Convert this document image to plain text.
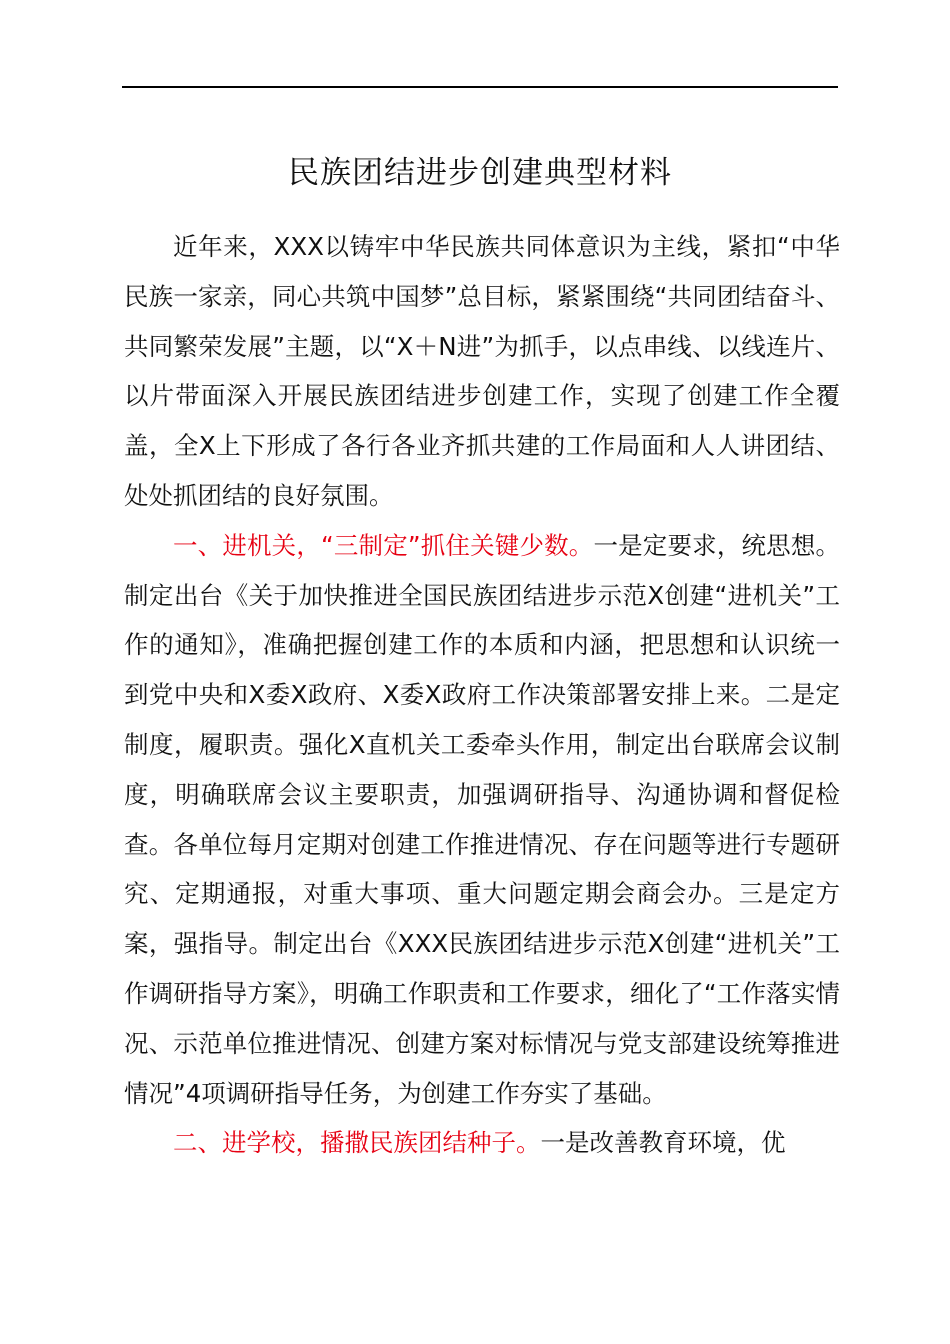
民族团结进步创建典型材料

近年来，XXX以铸牢中华民族共同体意识为主线，紧扣“中华民族一家亲，同心共筑中国梦”总目标，紧紧围绕“共同团结奋斗、共同繁荣发展”主题，以“X＋N进”为抓手，以点串线、以线连片、以片带面深入开展民族团结进步创建工作，实现了创建工作全覆盖，全X上下形成了各行各业齐抓共建的工作局面和人人讲团结、处处抓团结的良好氛围。

一、进机关，“三制定”抓住关键少数。一是定要求，统思想。制定出台《关于加快推进全国民族团结进步示范X创建“进机关”工作的通知》，准确把握创建工作的本质和内涵，把思想和认识统一到党中央和X委X政府、X委X政府工作决策部署安排上来。二是定制度，履职责。强化X直机关工委牵头作用，制定出台联席会议制度，明确联席会议主要职责，加强调研指导、沟通协调和督促检查。各单位每月定期对创建工作推进情况、存在问题等进行专题研究、定期通报，对重大事项、重大问题定期会商会办。三是定方案，强指导。制定出台《XXX民族团结进步示范X创建“进机关”工作调研指导方案》，明确工作职责和工作要求，细化了“工作落实情况、示范单位推进情况、创建方案对标情况与党支部建设统筹推进情况”4项调研指导任务，为创建工作夯实了基础。

二、进学校，播撒民族团结种子。一是改善教育环境，优
